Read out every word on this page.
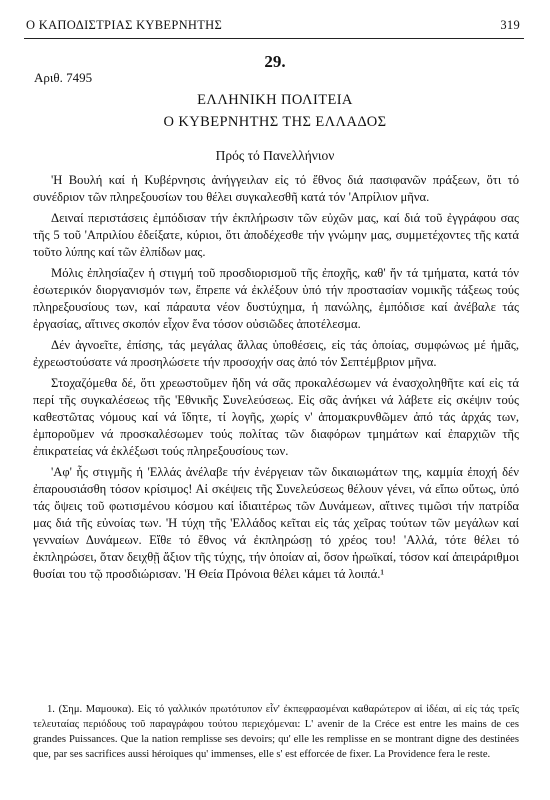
Ο ΚΑΠΟΔΙΣΤΡΙΑΣ ΚΥΒΕΡΝΗΤΗΣ	319
29.
Αριθ. 7495
ΕΛΛΗΝΙΚΗ ΠΟΛΙΤΕΙΑ
Ο ΚΥΒΕΡΝΗΤΗΣ ΤΗΣ ΕΛΛΑΔΟΣ
Πρός τό Πανελλήνιον

'Η Βουλή καί ἡ Κυβέρνησις ἀνήγγειλαν εἰς τό ἔθνος διά πασιφανῶν πράξεων, ὅτι τό συνέδριον τῶν πληρεξουσίων του θέλει συγκαλεσθῆ κατά τόν 'Απρίλιον μῆνα.

Δειναί περιστάσεις ἐμπόδισαν τήν ἐκπλήρωσιν τῶν εὐχῶν μας, καί διά τοῦ ἐγγράφου σας τῆς 5 τοῦ 'Απριλίου ἐδείξατε, κύριοι, ὅτι ἀποδέχεσθε τήν γνώμην μας, συμμετέχοντες τῆς κατά τοῦτο λύπης καί τῶν ἐλπίδων μας.

Μόλις ἐπλησίαζεν ἡ στιγμή τοῦ προσδιορισμοῦ τῆς ἐποχῆς, καθ' ἥν τά τμήματα, κατά τόν ἐσωτερικόν διοργανισμόν των, ἔπρεπε νά ἐκλέξουν ὑπό τήν προστασίαν νομικῆς τάξεως τούς πληρεξουσίους των, καί πάραυτα νέον δυστύχημα, ἡ πανώλης, ἐμπόδισε καί ἀνέβαλε τάς ἐργασίας, αἵτινες σκοπόν εἶχον ἕνα τόσον οὐσιῶδες ἀποτέλεσμα.

Δέν ἀγνοεῖτε, ἐπίσης, τάς μεγάλας ἄλλας ὑποθέσεις, εἰς τάς ὁποίας, συμφώνως μέ ἡμᾶς, ἐχρεωστούσατε νά προσηλώσετε τήν προσοχήν σας ἀπό τόν Σεπτέμβριον μῆνα.

Στοχαζόμεθα δέ, ὅτι χρεωστοῦμεν ἤδη νά σᾶς προκαλέσωμεν νά ἐνασχοληθῆτε καί εἰς τά περί τῆς συγκαλέσεως τῆς 'Εθνικῆς Συνελεύσεως. Εἰς σᾶς ἀνήκει νά λάβετε εἰς σκέψιν τούς καθεστῶτας νόμους καί νά ἴδητε, τί λογῆς, χωρίς ν' ἀπομακρυνθῶμεν ἀπό τάς ἀρχάς των, ἐμποροῦμεν νά προσκαλέσωμεν τούς πολίτας τῶν διαφόρων τμημάτων καί ἐπαρχιῶν τῆς ἐπικρατείας νά ἐκλέξωσι τούς πληρεξουσίους των.

'Αφ' ἧς στιγμῆς ἡ 'Ελλάς ἀνέλαβε τήν ἐνέργειαν τῶν δικαιωμάτων της, καμμία ἐποχή δέν ἐπαρουσιάσθη τόσον κρίσιμος! Αἱ σκέψεις τῆς Συνελεύσεως θέλουν γένει, νά εἴπω οὕτως, ὑπό τάς ὄψεις τοῦ φωτισμένου κόσμου καί ἰδιαιτέρως τῶν Δυνάμεων, αἵτινες τιμῶσι τήν πατρίδα μας διά τῆς εὐνοίας των. 'Η τύχη τῆς 'Ελλάδος κεῖται εἰς τάς χεῖρας τούτων τῶν μεγάλων καί γενναίων Δυνάμεων. Εἴθε τό ἔθνος νά ἐκπληρώσῃ τό χρέος του! 'Αλλά, τότε θέλει τό ἐκπληρώσει, ὅταν δειχθῇ ἄξιον τῆς τύχης, τήν ὁποίαν αἱ, ὅσον ἡρωϊκαί, τόσον καί ἀπειράριθμοι θυσίαι του τῷ προσδιώρισαν. 'Η Θεία Πρόνοια θέλει κάμει τά λοιπά.¹

1. (Σημ. Μαμουκα). Εἰς τό γαλλικόν πρωτότυπον εἶν' ἐκπεφρασμέναι καθαρώτερον αἱ ἰδέαι, αἱ εἰς τάς τρεῖς τελευταίας περιόδους τοῦ παραγράφου τούτου περιεχόμεναι: L' avenir de la Créce est entre les mains de ces grandes Puissances. Que la nation remplisse ses devoirs; qu' elle les remplisse en se montrant digne des destinées que, par ses sacrifices aussi héroiques qu' immenses, elle s' est efforcée de fixer. La Providence fera le reste.
